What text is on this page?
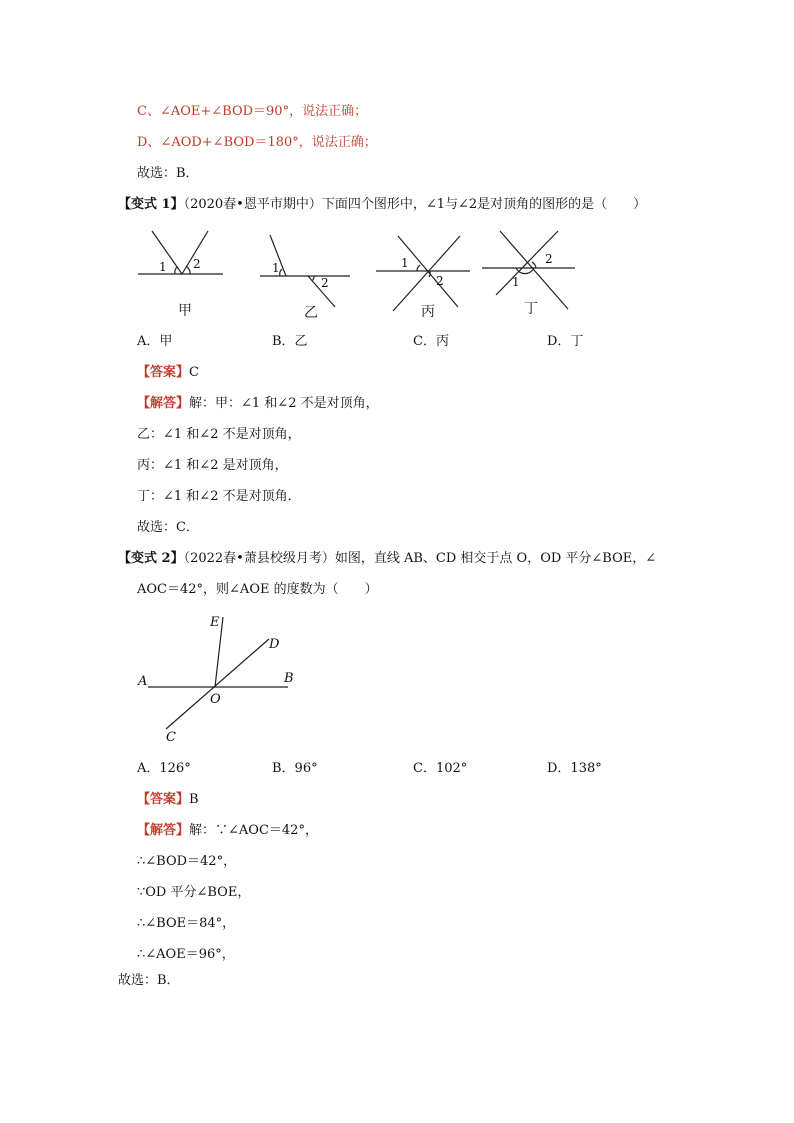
C、∠AOE+∠BOD＝90°，说法正确；
D、∠AOD+∠BOD＝180°，说法正确；
故选：B．
【变式 1】（2020春•恩平市期中）下面四个图形中，∠1与∠2是对顶角的图形的是（　　）
1 2	1
2
1
2	1
2
甲	乙	丙	丁
A．甲	B．乙	C．丙	D．丁
【答案】C
【解答】解：甲：∠1 和∠2 不是对顶角，
乙：∠1 和∠2 不是对顶角，
丙：∠1 和∠2 是对顶角，
丁：∠1 和∠2 不是对顶角．
故选：C．
【变式 2】（2022春•萧县校级月考）如图，直线 AB、CD 相交于点 O，OD 平分∠BOE，∠
AOC＝42°，则∠AOE 的度数为（　　）
A	B
C
D
E
O
A．126°	B．96°	C．102°	D．138°
【答案】B
【解答】解：∵∠AOC＝42°，
∴∠BOD＝42°，
∵OD 平分∠BOE，
∴∠BOE＝84°，
∴∠AOE＝96°，
故选：B．
